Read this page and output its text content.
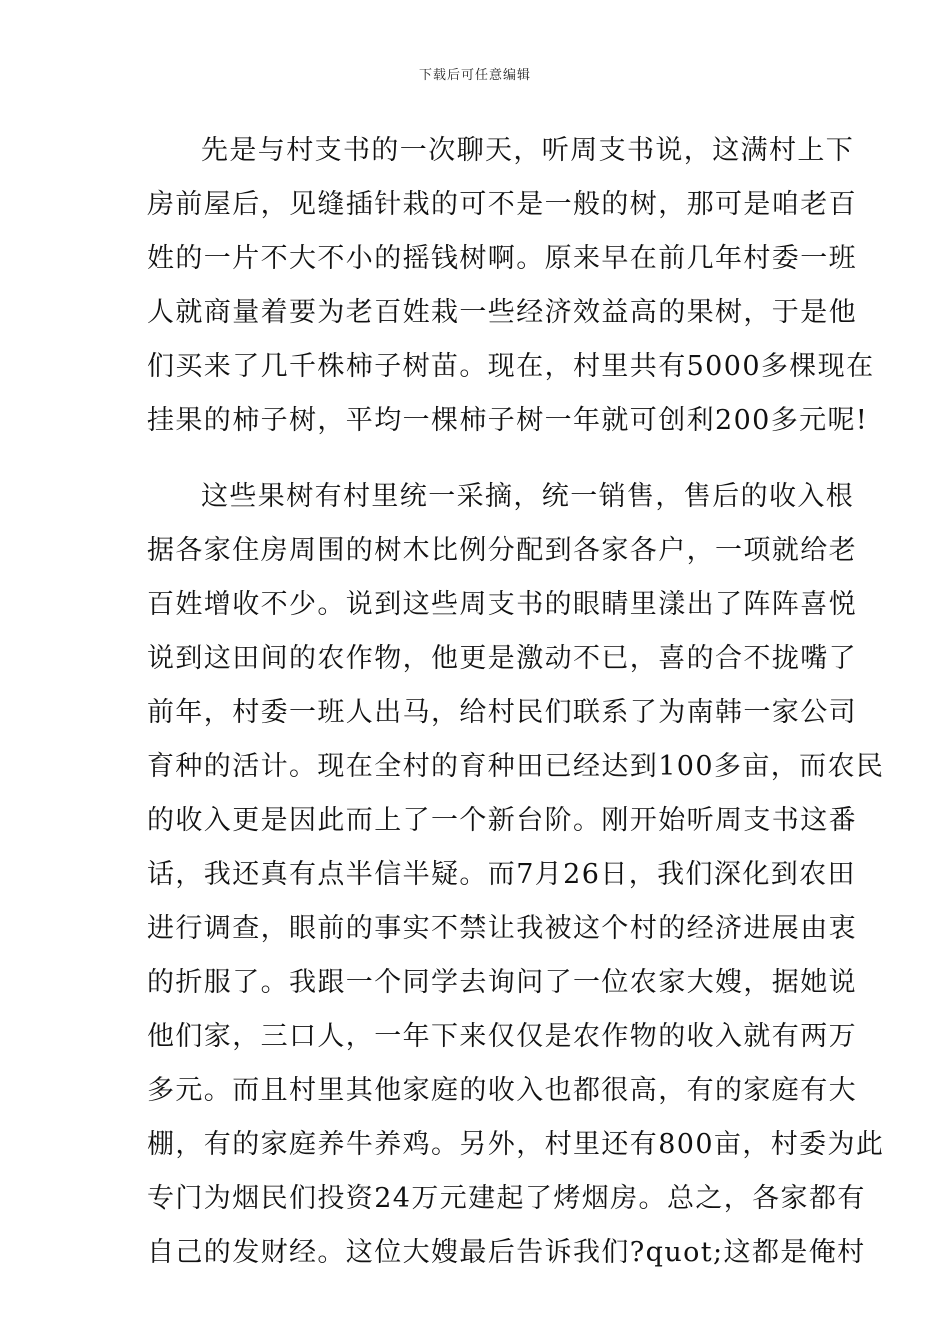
下载后可任意编辑
先是与村支书的一次聊天，听周支书说，这满村上下
房前屋后，见缝插针栽的可不是一般的树，那可是咱老百
姓的一片不大不小的摇钱树啊。原来早在前几年村委一班
人就商量着要为老百姓栽一些经济效益高的果树，于是他
们买来了几千株柿子树苗。现在，村里共有5000多棵现在
挂果的柿子树，平均一棵柿子树一年就可创利200多元呢!
这些果树有村里统一采摘，统一销售，售后的收入根
据各家住房周围的树木比例分配到各家各户，一项就给老
百姓增收不少。说到这些周支书的眼睛里漾出了阵阵喜悦
说到这田间的农作物，他更是激动不已，喜的合不拢嘴了
前年，村委一班人出马，给村民们联系了为南韩一家公司
育种的活计。现在全村的育种田已经达到100多亩，而农民
的收入更是因此而上了一个新台阶。刚开始听周支书这番
话，我还真有点半信半疑。而7月26日，我们深化到农田
进行调查，眼前的事实不禁让我被这个村的经济进展由衷
的折服了。我跟一个同学去询问了一位农家大嫂，据她说
他们家，三口人，一年下来仅仅是农作物的收入就有两万
多元。而且村里其他家庭的收入也都很高，有的家庭有大
棚，有的家庭养牛养鸡。另外，村里还有800亩，村委为此
专门为烟民们投资24万元建起了烤烟房。总之，各家都有
自己的发财经。这位大嫂最后告诉我们?quot;这都是俺村
